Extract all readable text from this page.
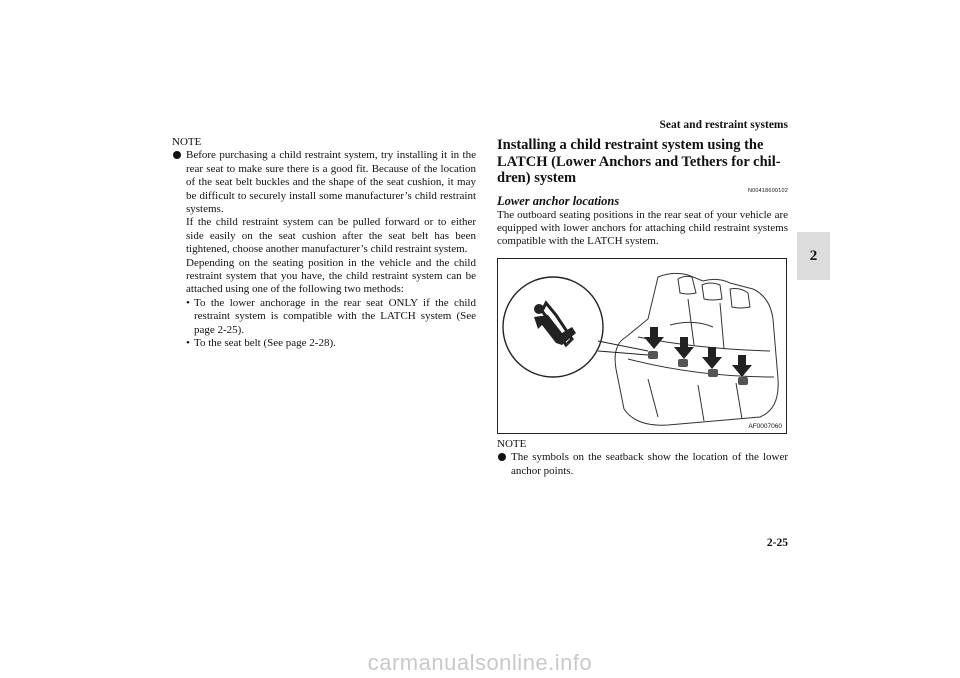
Seat and restraint systems
2
NOTE

Before purchasing a child restraint system, try installing it in the rear seat to make sure there is a good fit. Because of the location of the seat belt buckles and the shape of the seat cushion, it may be difficult to securely install some manufacturer’s child restraint systems.

If the child restraint system can be pulled forward or to either side easily on the seat cushion after the seat belt has been tightened, choose another manufacturer’s child restraint system.

Depending on the seating position in the vehicle and the child restraint system that you have, the child restraint system can be attached using one of the following two methods:

• To the lower anchorage in the rear seat ONLY if the child restraint system is compatible with the LATCH system (See page 2-25).
• To the seat belt (See page 2-28).
Installing a child restraint system using the
LATCH (Lower Anchors and Tethers for chil-
dren) system
N00418600102
Lower anchor locations
The outboard seating positions in the rear seat of your vehicle are equipped with lower anchors for attaching child restraint systems compatible with the LATCH system.
AF0007060
NOTE
The symbols on the seatback show the location of the lower anchor points.
2-25
carmanualsonline.info
